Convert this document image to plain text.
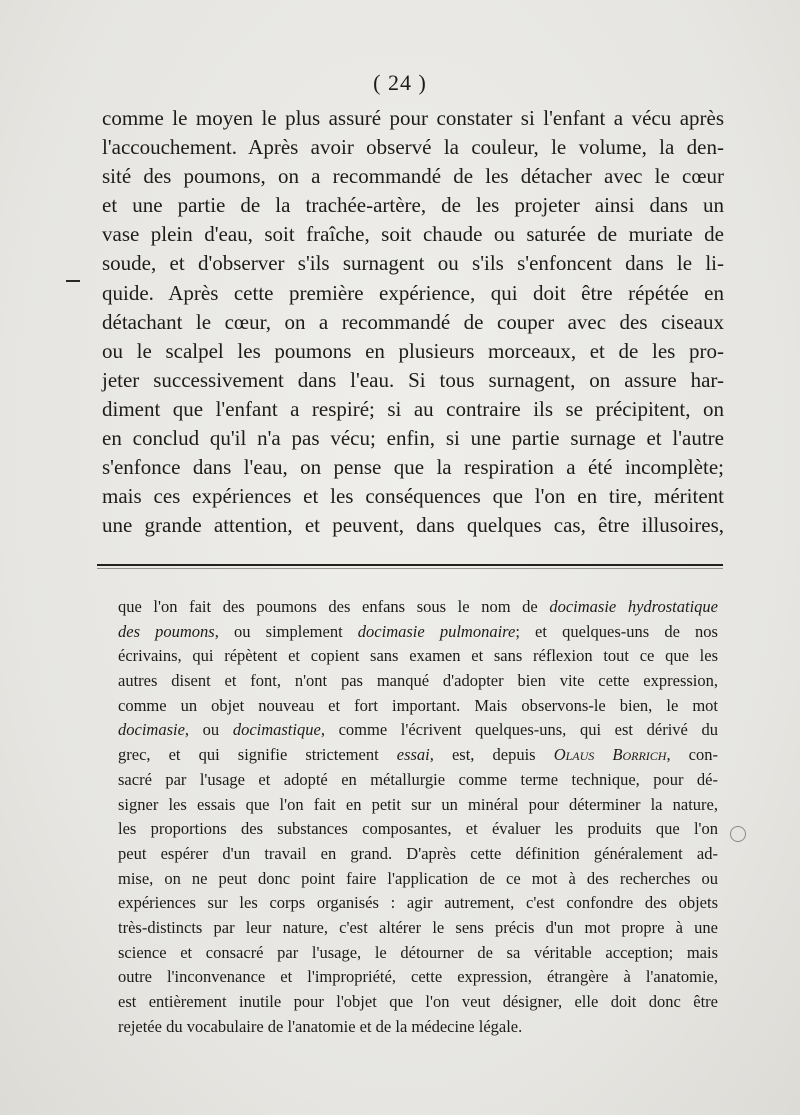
( 24 )
comme le moyen le plus assuré pour constater si l'enfant a vécu après
l'accouchement. Après avoir observé la couleur, le volume, la den-
sité des poumons, on a recommandé de les détacher avec le cœur
et une partie de la trachée-artère, de les projeter ainsi dans un
vase plein d'eau, soit fraîche, soit chaude ou saturée de muriate de
soude, et d'observer s'ils surnagent ou s'ils s'enfoncent dans le li-
quide. Après cette première expérience, qui doit être répétée en
détachant le cœur, on a recommandé de couper avec des ciseaux
ou le scalpel les poumons en plusieurs morceaux, et de les pro-
jeter successivement dans l'eau. Si tous surnagent, on assure har-
diment que l'enfant a respiré; si au contraire ils se précipitent, on
en conclud qu'il n'a pas vécu; enfin, si une partie surnage et l'autre
s'enfonce dans l'eau, on pense que la respiration a été incomplète;
mais ces expériences et les conséquences que l'on en tire, méritent
une grande attention, et peuvent, dans quelques cas, être illusoires,
que l'on fait des poumons des enfans sous le nom de docimasie hydrostatique
des poumons, ou simplement docimasie pulmonaire; et quelques-uns de nos
écrivains, qui répètent et copient sans examen et sans réflexion tout ce que les
autres disent et font, n'ont pas manqué d'adopter bien vite cette expression,
comme un objet nouveau et fort important. Mais observons-le bien, le mot
docimasie, ou docimastique, comme l'écrivent quelques-uns, qui est dérivé du
grec, et qui signifie strictement essai, est, depuis Olaus Borrich, con-
sacré par l'usage et adopté en métallurgie comme terme technique, pour dé-
signer les essais que l'on fait en petit sur un minéral pour déterminer la nature,
les proportions des substances composantes, et évaluer les produits que l'on
peut espérer d'un travail en grand. D'après cette définition généralement ad-
mise, on ne peut donc point faire l'application de ce mot à des recherches ou
expériences sur les corps organisés : agir autrement, c'est confondre des objets
très-distincts par leur nature, c'est altérer le sens précis d'un mot propre à une
science et consacré par l'usage, le détourner de sa véritable acception; mais
outre l'inconvenance et l'impropriété, cette expression, étrangère à l'anatomie,
est entièrement inutile pour l'objet que l'on veut désigner, elle doit donc être
rejetée du vocabulaire de l'anatomie et de la médecine légale.
